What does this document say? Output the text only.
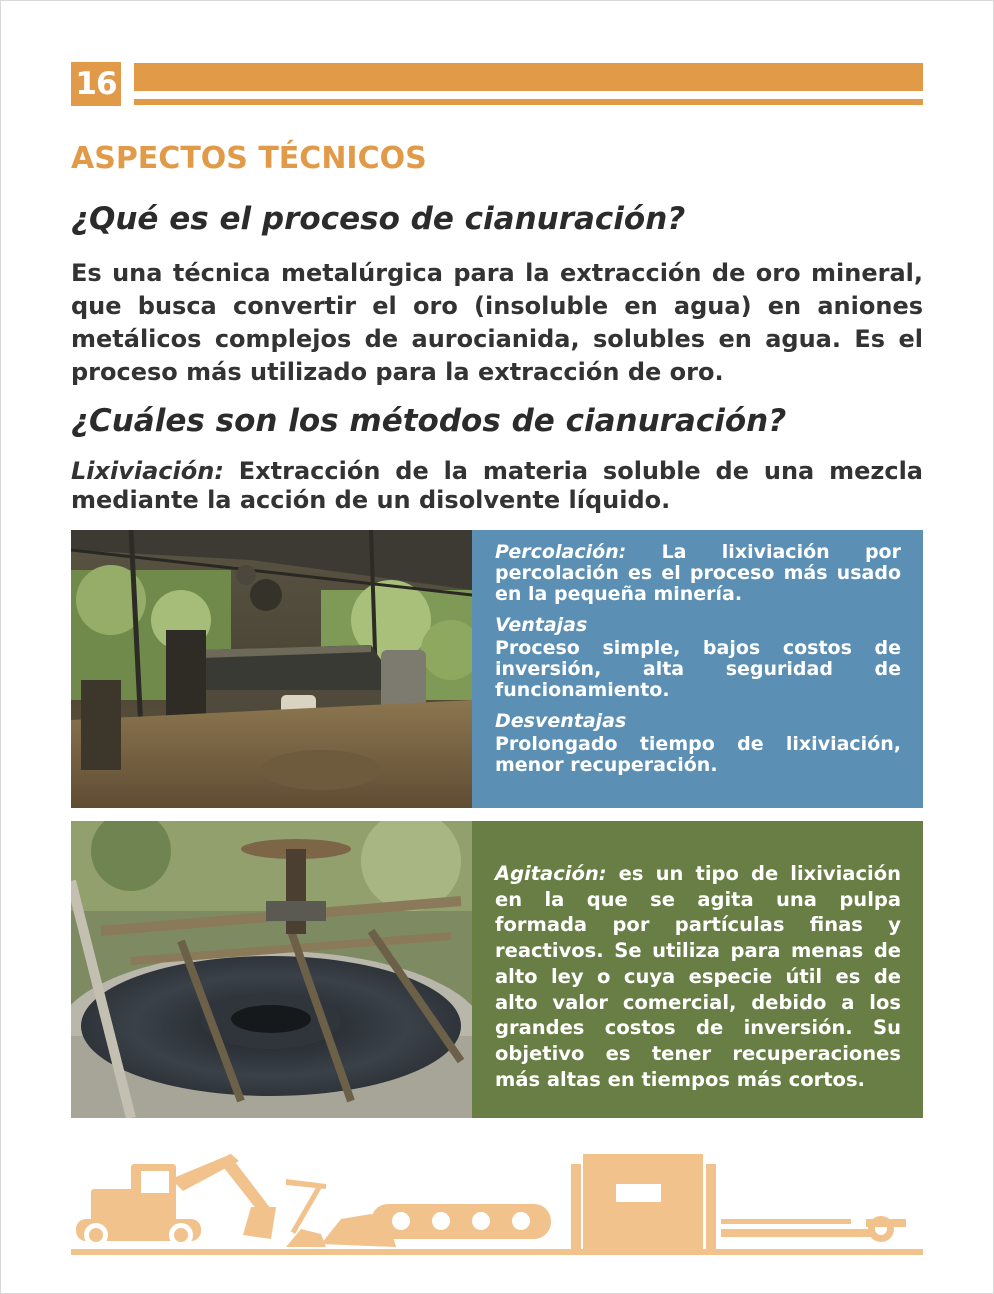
16
ASPECTOS TÉCNICOS
¿Qué es el proceso de cianuración?
Es una técnica metalúrgica para la extracción de oro mineral, que busca convertir el oro (insoluble en agua) en aniones metálicos complejos de aurocianida, solubles en agua. Es el proceso más utilizado para la extracción de oro.
¿Cuáles son los métodos de cianuración?
Lixiviación: Extracción de la materia soluble de una mezcla mediante la acción de un disolvente líquido.

Percolación: La lixiviación por percolación es el proceso más usado en la pequeña minería.

Ventajas

Proceso simple, bajos costos de inversión, alta seguridad de funcionamiento.

Desventajas

Prolongado tiempo de lixiviación, menor recuperación.

Agitación: es un tipo de lixiviación en la que se agita una pulpa formada por partículas finas y reactivos. Se utiliza para menas de alto ley o cuya especie útil es de alto valor comercial, debido a los grandes costos de inversión. Su objetivo es tener recuperaciones más altas en tiempos más cortos.
